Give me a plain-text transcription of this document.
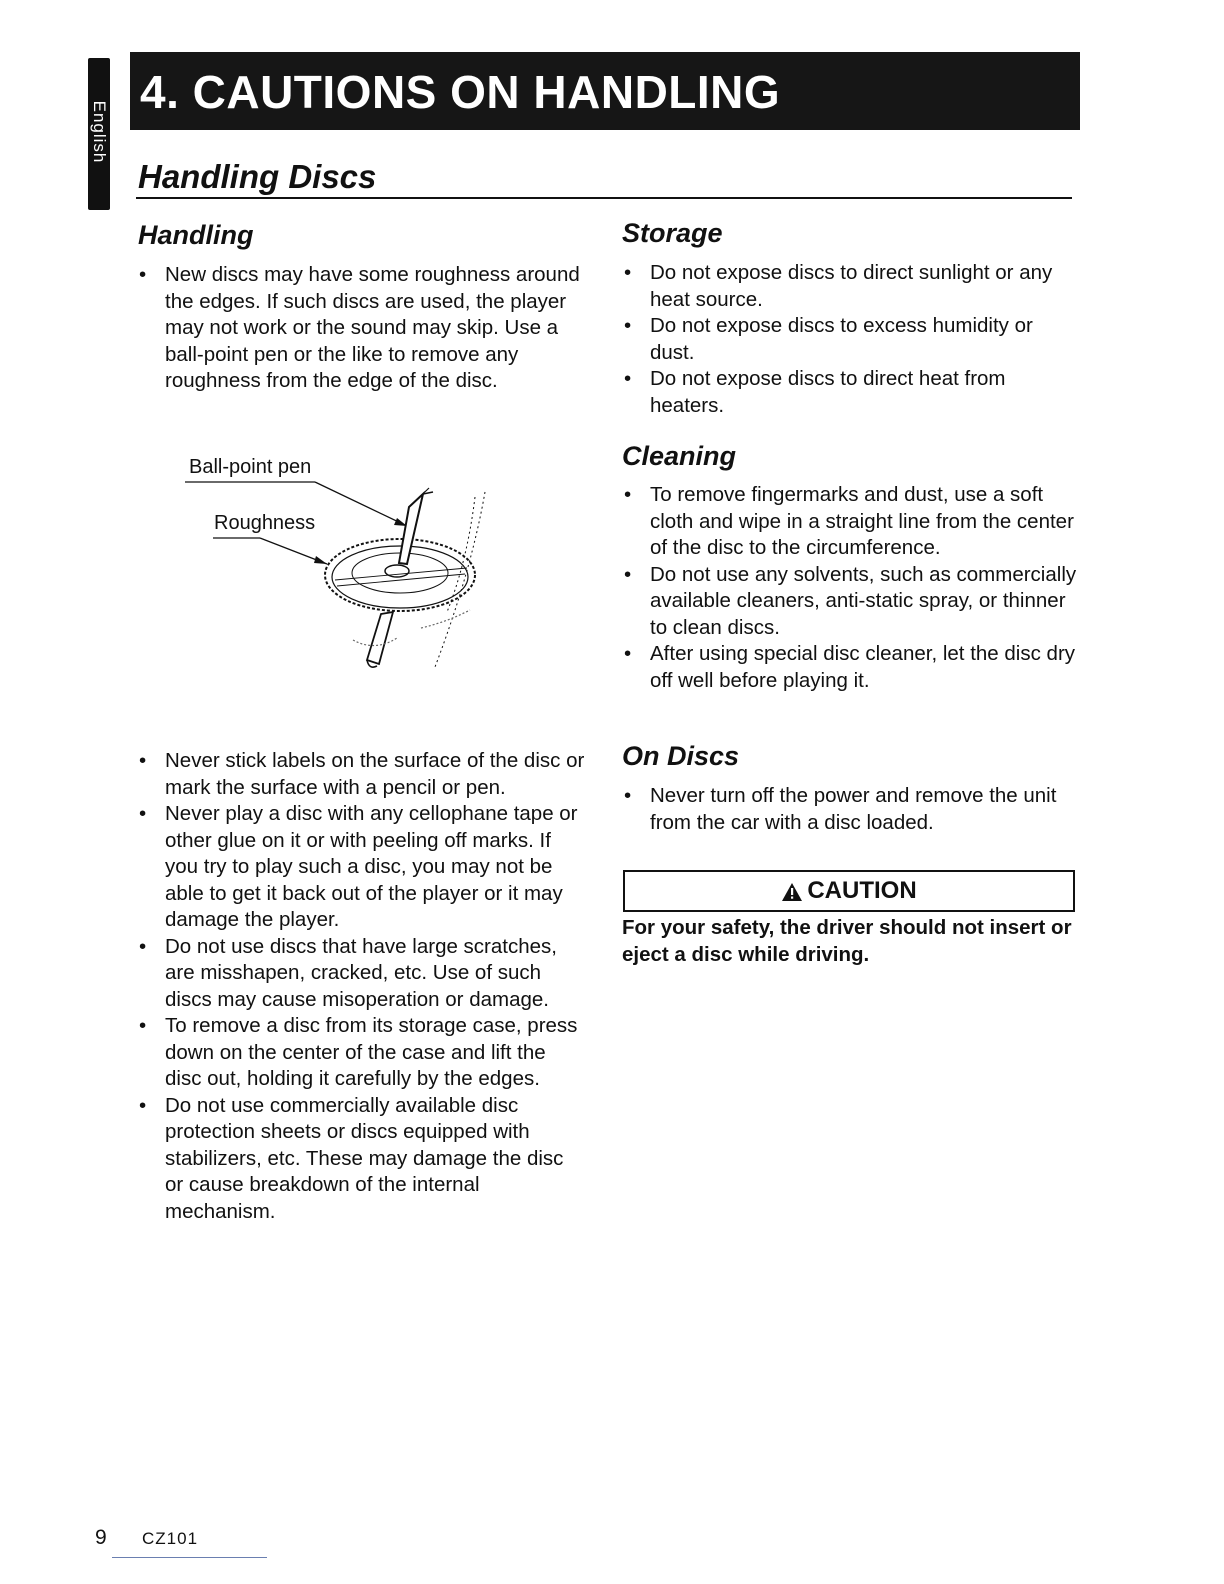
English
4. CAUTIONS ON HANDLING
Handling Discs
Handling
• New discs may have some roughness around the edges. If such discs are used, the player may not work or the sound may skip. Use a ball-point pen or the like to remove any roughness from the edge of the disc.
Ball-point pen
Roughness
• Never stick labels on the surface of the disc or mark the surface with a pencil or pen.
• Never play a disc with any cellophane tape or other glue on it or with peeling off marks. If you try to play such a disc, you may not be able to get it back out of the player or it may damage the player.
• Do not use discs that have large scratches, are misshapen, cracked, etc. Use of such discs may cause misoperation or damage.
• To remove a disc from its storage case, press down on the center of the case and lift the disc out, holding it carefully by the edges.
• Do not use commercially available disc protection sheets or discs equipped with stabilizers, etc. These may damage the disc or cause breakdown of the internal mechanism.
Storage
• Do not expose discs to direct sunlight or any heat source.
• Do not expose discs to excess humidity or dust.
• Do not expose discs to direct heat from heaters.
Cleaning
• To remove fingermarks and dust, use a soft cloth and wipe in a straight line from the center of the disc to the circumference.
• Do not use any solvents, such as commercially available cleaners, anti-static spray, or thinner to clean discs.
• After using special disc cleaner, let the disc dry off well before playing it.
On Discs
• Never turn off the power and remove the unit from the car with a disc loaded.
CAUTION
For your safety, the driver should not insert or eject a disc while driving.
9 CZ101
